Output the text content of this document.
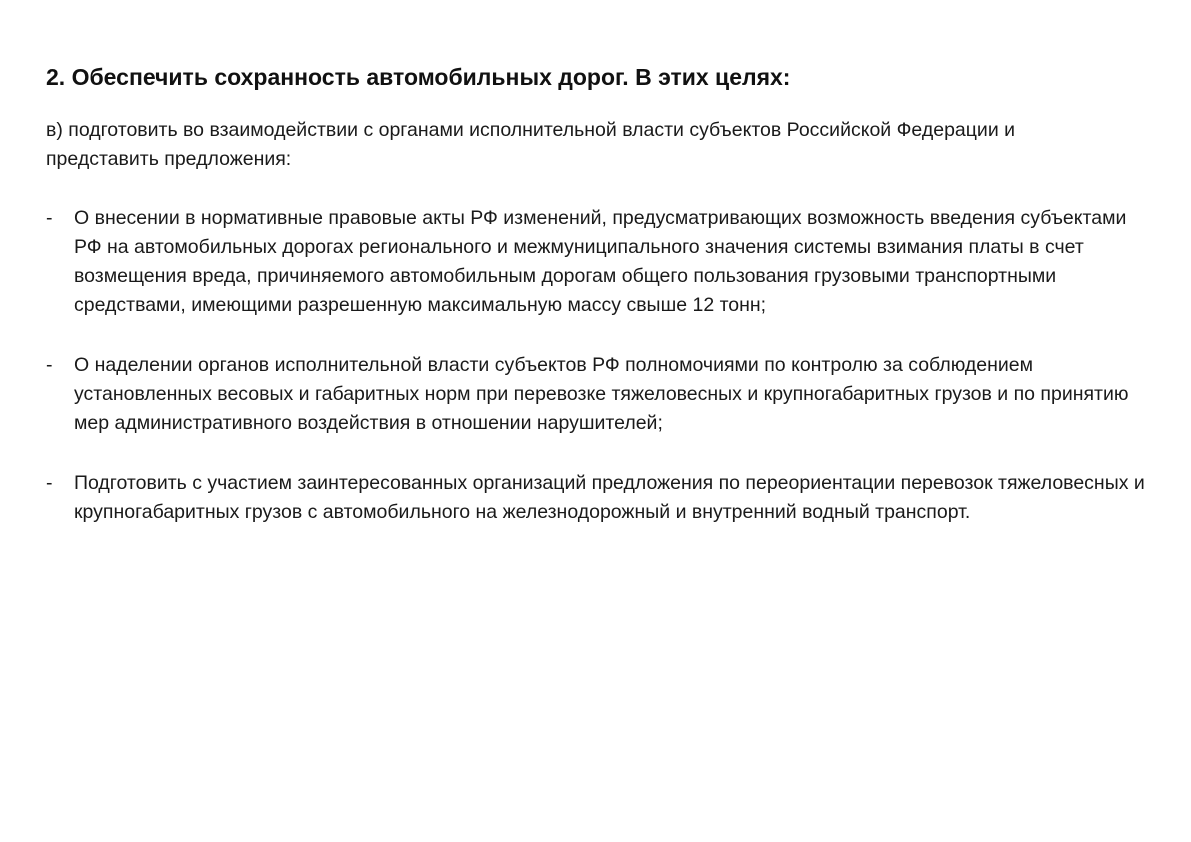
2. Обеспечить сохранность автомобильных дорог. В этих целях:

в) подготовить во взаимодействии с органами исполнительной власти субъектов Российской Федерации и представить предложения:

- О внесении в нормативные правовые акты РФ изменений, предусматривающих возможность введения субъектами РФ на автомобильных дорогах регионального и межмуниципального значения системы взимания платы в счет возмещения вреда, причиняемого автомобильным дорогам общего пользования грузовыми транспортными средствами, имеющими разрешенную максимальную массу свыше 12 тонн;
- О наделении органов исполнительной власти субъектов РФ полномочиями по контролю за соблюдением установленных весовых и габаритных норм при перевозке тяжеловесных и крупногабаритных грузов и по принятию мер административного воздействия в отношении нарушителей;
- Подготовить с участием заинтересованных организаций предложения по переориентации перевозок тяжеловесных и крупногабаритных грузов с автомобильного на железнодорожный и внутренний водный транспорт.
